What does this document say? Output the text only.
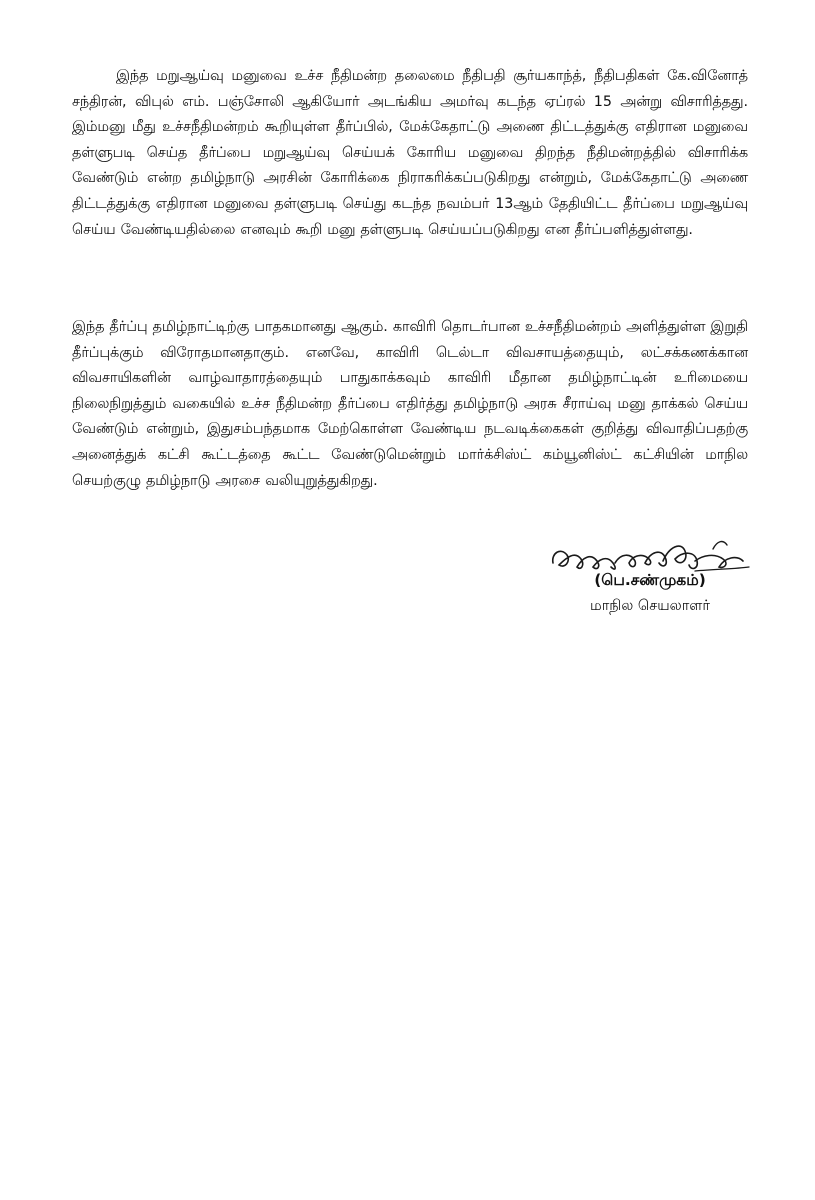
இந்த மறுஆய்வு மனுவை உச்ச நீதிமன்ற தலைமை நீதிபதி சூர்யகாந்த், நீதிபதிகள் கே.வினோத் சந்திரன், விபுல் எம். பஞ்சோலி ஆகியோர் அடங்கிய அமர்வு கடந்த ஏப்ரல் 15 அன்று விசாரித்தது. இம்மனு மீது உச்சநீதிமன்றம் கூறியுள்ள தீர்ப்பில், மேக்கேதாட்டு அணை திட்டத்துக்கு எதிரான மனுவை தள்ளுபடி செய்த தீர்ப்பை மறுஆய்வு செய்யக் கோரிய மனுவை திறந்த நீதிமன்றத்தில் விசாரிக்க வேண்டும் என்ற தமிழ்நாடு அரசின் கோரிக்கை நிராகரிக்கப்படுகிறது என்றும், மேக்கேதாட்டு அணை திட்டத்துக்கு எதிரான மனுவை தள்ளுபடி செய்து கடந்த நவம்பர் 13ஆம் தேதியிட்ட தீர்ப்பை மறுஆய்வு செய்ய வேண்டியதில்லை எனவும் கூறி மனு தள்ளுபடி செய்யப்படுகிறது என தீர்ப்பளித்துள்ளது.

இந்த தீர்ப்பு தமிழ்நாட்டிற்கு பாதகமானது ஆகும். காவிரி தொடர்பான உச்சநீதிமன்றம் அளித்துள்ள இறுதி தீர்ப்புக்கும் விரோதமானதாகும். எனவே, காவிரி டெல்டா விவசாயத்தையும், லட்சக்கணக்கான விவசாயிகளின் வாழ்வாதாரத்தையும் பாதுகாக்கவும் காவிரி மீதான தமிழ்நாட்டின் உரிமையை நிலைநிறுத்தும் வகையில் உச்ச நீதிமன்ற தீர்ப்பை எதிர்த்து தமிழ்நாடு அரசு சீராய்வு மனு தாக்கல் செய்ய வேண்டும் என்றும், இதுசம்பந்தமாக மேற்கொள்ள வேண்டிய நடவடிக்கைகள் குறித்து விவாதிப்பதற்கு அனைத்துக் கட்சி கூட்டத்தை கூட்ட வேண்டுமென்றும் மார்க்சிஸ்ட் கம்யூனிஸ்ட் கட்சியின் மாநில செயற்குழு தமிழ்நாடு அரசை வலியுறுத்துகிறது.

(பெ.சண்முகம்)

மாநில செயலாளர்
